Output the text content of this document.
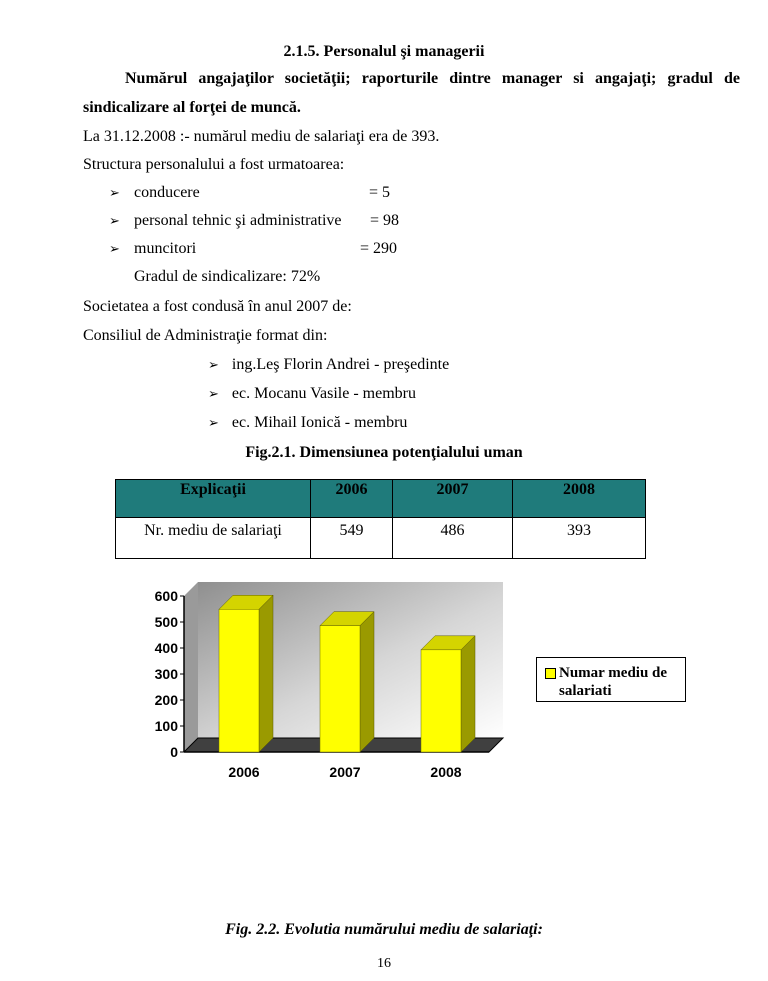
2.1.5. Personalul şi managerii
Numărul angajaţilor societăţii; raporturile dintre manager si angajaţi; gradul de
sindicalizare al forţei de muncă.
La 31.12.2008 :- numărul mediu de salariaţi era de 393.
Structura personalului a fost urmatoarea:
➢ conducere	= 5
➢ personal tehnic şi administrative = 98
➢ muncitori	= 290
Gradul de sindicalizare: 72%
Societatea a fost condusă în anul 2007 de:
Consiliul de Administraţie format din:
➢ ing.Leş Florin Andrei - preşedinte
➢ ec. Mocanu Vasile - membru
➢ ec. Mihail Ionică - membru
Fig.2.1. Dimensiunea potenţialului uman
Explicaţii	2006	2007	2008
Nr. mediu de salariaţi	549	486	393
0
100
200
300
400
500
600
2006	2007	2008
Numar mediu de salariati
Fig. 2.2. Evolutia numărului mediu de salariaţi:
16
